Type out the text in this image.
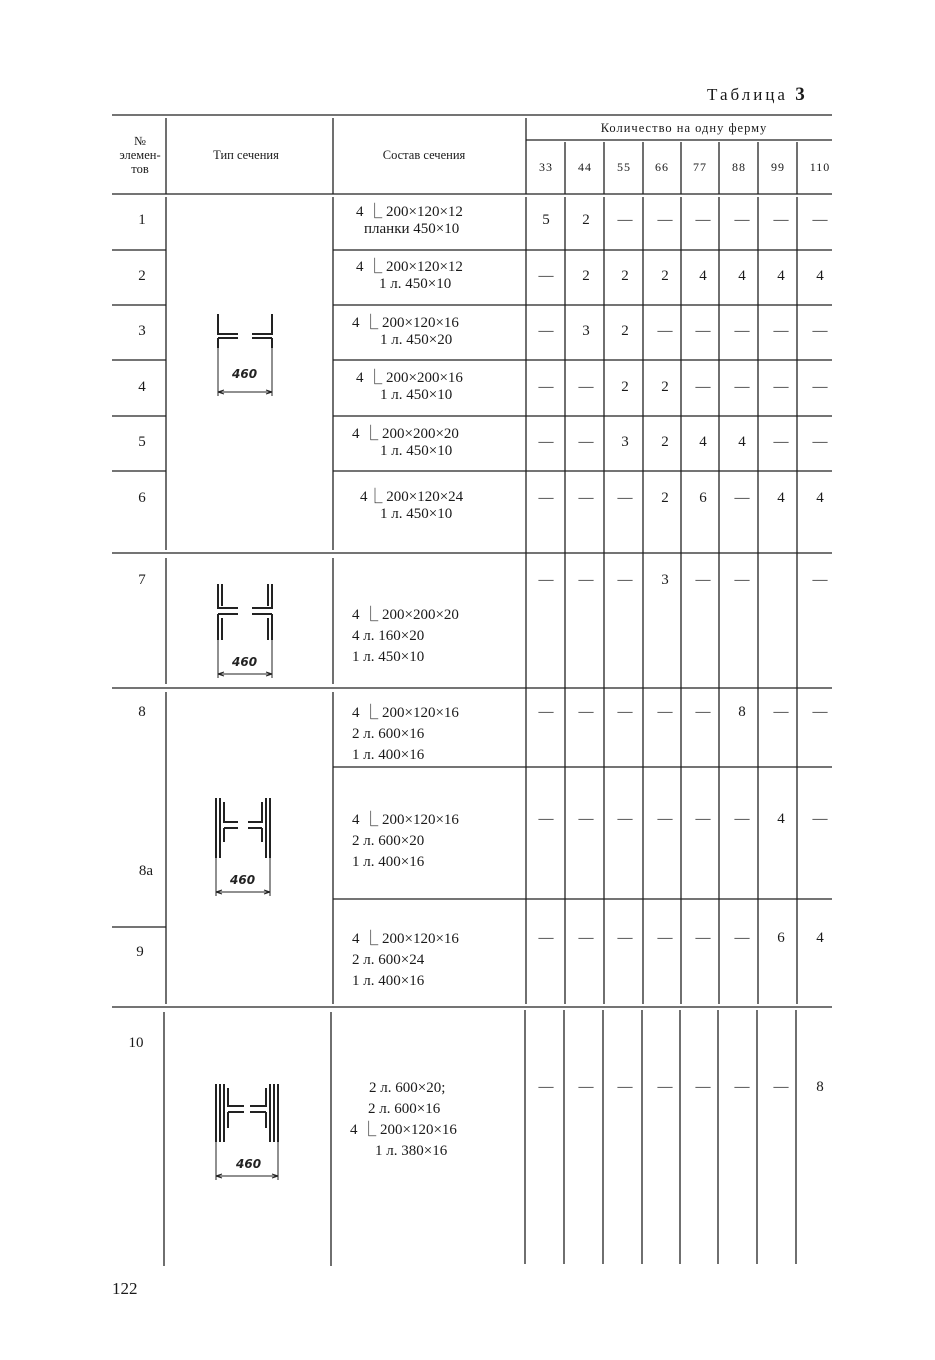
Таблица 3
№
элемен-
тов
Тип сечения	Состав сечения
Количество на одну ферму
33 44 55 66 77 88 99 110
1
2
3
4
5
6
7
8
8а
9
10
4 ⎿ 200×120×12
планки 450×10
4 ⎿ 200×120×12
1 л. 450×10
4 ⎿ 200×120×16
1 л. 450×20
4 ⎿ 200×200×16
1 л. 450×10
4 ⎿ 200×200×20
1 л. 450×10
4⎿ 200×120×24
1 л. 450×10
4 ⎿ 200×200×20
4 л. 160×20
1 л. 450×10
4 ⎿ 200×120×16
2 л. 600×16
1 л. 400×16
4 ⎿ 200×120×16
2 л. 600×20
1 л. 400×16
4 ⎿ 200×120×16
2 л. 600×24
1 л. 400×16
2 л. 600×20;
2 л. 600×16
4 ⎿ 200×120×16
1 л. 380×16
5 2 — — — — — —
— 2 2 2 4 4 4 4
— 3 2 — — — — —
— — 2 2 — — — —
— — 3 2 4 4 — —
— — — 2 6 — 4 4
— — — 3 — —	—
— — — — — 8 — —
— — — — — — 4 —
— — — — — — 6 4
— — — — — — — 8
460
460
460
460
122
